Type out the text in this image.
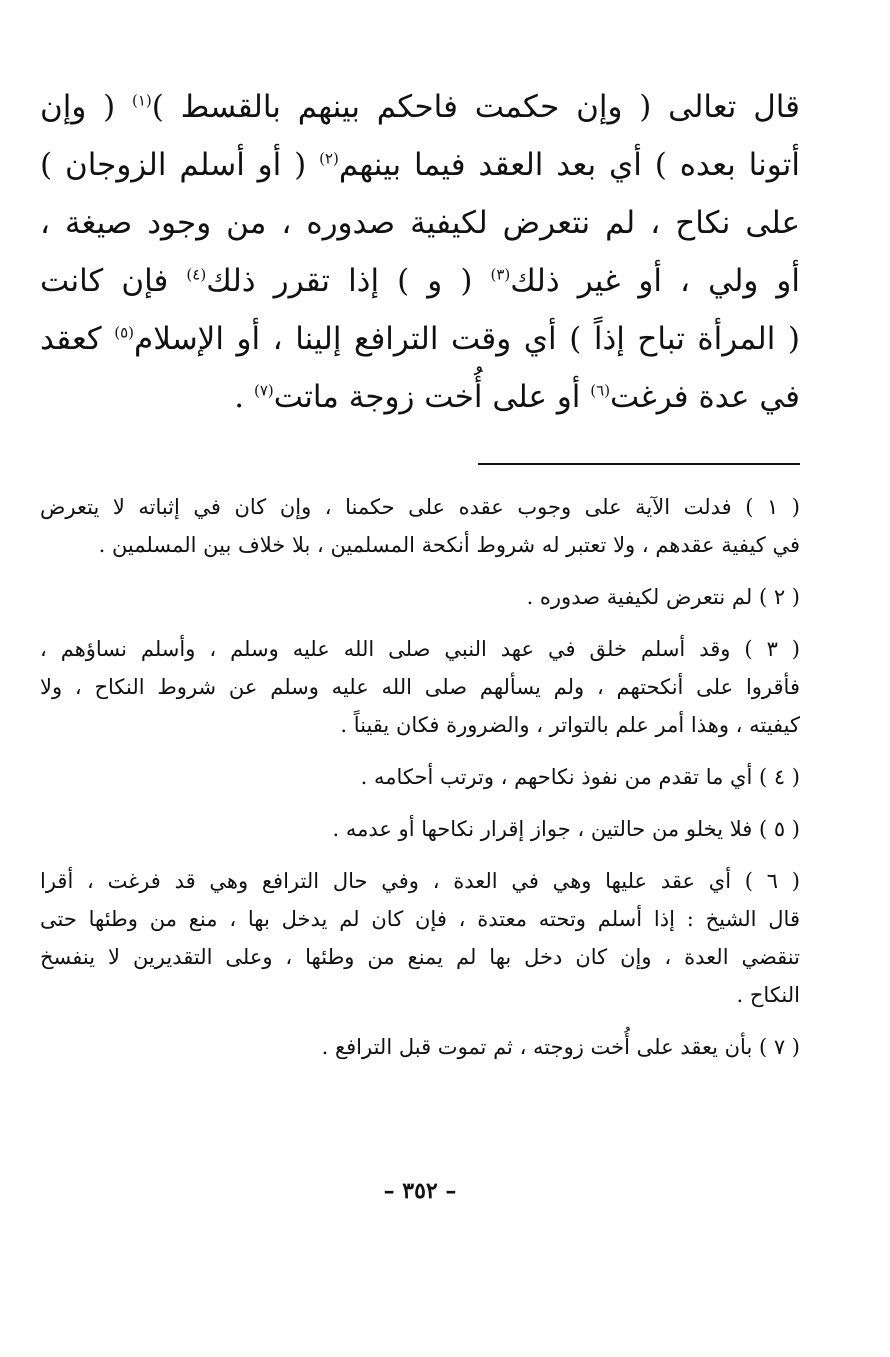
قال تعالى ( وإن حكمت فاحكم بينهم بالقسط )$^{(١)}$ ( وإن
أتونا بعده ) أي بعد العقد فيما بينهم$^{(٢)}$ ( أو أسلم الزوجان )
على نكاح ، لم نتعرض لكيفية صدوره ، من وجود صيغة ،
أو ولي ، أو غير ذلك$^{(٣)}$ ( و ) إذا تقرر ذلك$^{(٤)}$ فإن كانت
( المرأة تباح إذاً ) أي وقت الترافع إلينا ، أو الإسلام$^{(٥)}$ كعقد
في عدة فرغت$^{(٦)}$ أو على أُخت زوجة ماتت$^{(٧)}$ .
( ١ ) فدلت الآية على وجوب عقده على حكمنا ، وإن كان في إثباته لا يتعرض
في كيفية عقدهم ، ولا تعتبر له شروط أنكحة المسلمين ، بلا خلاف بين المسلمين .
( ٢ ) لم نتعرض لكيفية صدوره .
( ٣ ) وقد أسلم خلق في عهد النبي صلى الله عليه وسلم ، وأسلم نساؤهم ،
فأقروا على أنكحتهم ، ولم يسألهم صلى الله عليه وسلم عن شروط النكاح ، ولا
كيفيته ، وهذا أمر علم بالتواتر ، والضرورة فكان يقيناً .
( ٤ ) أي ما تقدم من نفوذ نكاحهم ، وترتب أحكامه .
( ٥ ) فلا يخلو من حالتين ، جواز إقرار نكاحها أو عدمه .
( ٦ ) أي عقد عليها وهي في العدة ، وفي حال الترافع وهي قد فرغت ، أقرا
قال الشيخ : إذا أسلم وتحته معتدة ، فإن كان لم يدخل بها ، منع من وطئها حتى
تنقضي العدة ، وإن كان دخل بها لم يمنع من وطئها ، وعلى التقديرين لا ينفسخ
النكاح .
( ٧ ) بأن يعقد على أُخت زوجته ، ثم تموت قبل الترافع .
– ٣٥٢ –
